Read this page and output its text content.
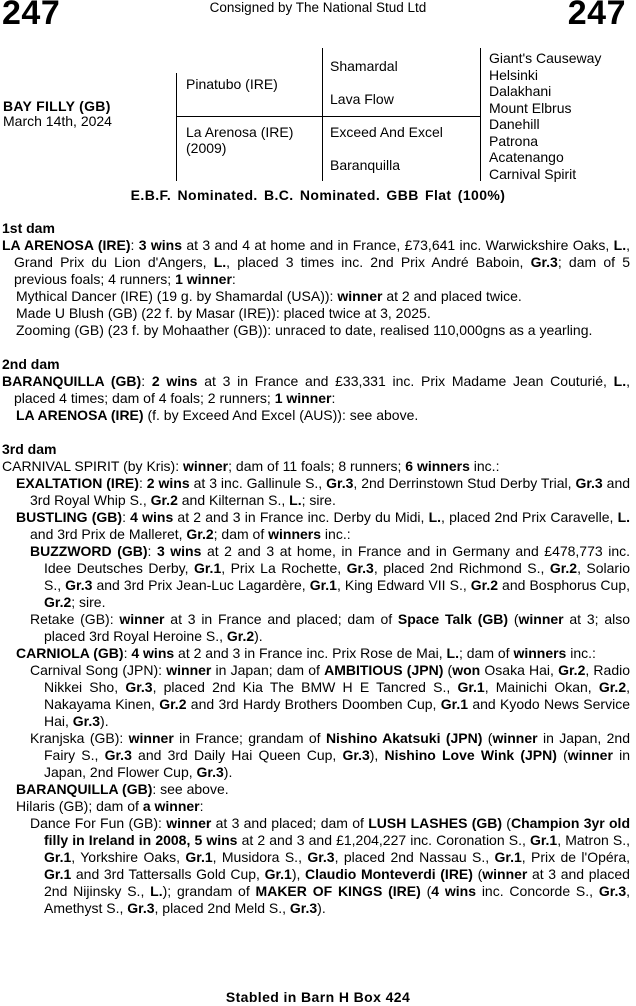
247	Consigned by The National Stud Ltd	247
BAY FILLY (GB)
March 14th, 2024
Pinatubo (IRE)
La Arenosa (IRE)
(2009)
Shamardal
Lava Flow
Exceed And Excel
Baranquilla
Giant's Causeway
Helsinki
Dalakhani
Mount Elbrus
Danehill
Patrona
Acatenango
Carnival Spirit
E.B.F. Nominated. B.C. Nominated. GBB Flat (100%)
1st dam

LA ARENOSA (IRE): 3 wins at 3 and 4 at home and in France, £73,641 inc. Warwickshire Oaks, L., Grand Prix du Lion d'Angers, L., placed 3 times inc. 2nd Prix André Baboin, Gr.3; dam of 5 previous foals; 4 runners; 1 winner:

Mythical Dancer (IRE) (19 g. by Shamardal (USA)): winner at 2 and placed twice.

Made U Blush (GB) (22 f. by Masar (IRE)): placed twice at 3, 2025.

Zooming (GB) (23 f. by Mohaather (GB)): unraced to date, realised 110,000gns as a yearling.

2nd dam

BARANQUILLA (GB): 2 wins at 3 in France and £33,331 inc. Prix Madame Jean Couturié, L., placed 4 times; dam of 4 foals; 2 runners; 1 winner:

LA ARENOSA (IRE) (f. by Exceed And Excel (AUS)): see above.

3rd dam

CARNIVAL SPIRIT (by Kris): winner; dam of 11 foals; 8 runners; 6 winners inc.:

EXALTATION (IRE): 2 wins at 3 inc. Gallinule S., Gr.3, 2nd Derrinstown Stud Derby Trial, Gr.3 and 3rd Royal Whip S., Gr.2 and Kilternan S., L.; sire.

BUSTLING (GB): 4 wins at 2 and 3 in France inc. Derby du Midi, L., placed 2nd Prix Caravelle, L. and 3rd Prix de Malleret, Gr.2; dam of winners inc.:

BUZZWORD (GB): 3 wins at 2 and 3 at home, in France and in Germany and £478,773 inc. Idee Deutsches Derby, Gr.1, Prix La Rochette, Gr.3, placed 2nd Richmond S., Gr.2, Solario S., Gr.3 and 3rd Prix Jean-Luc Lagardère, Gr.1, King Edward VII S., Gr.2 and Bosphorus Cup, Gr.2; sire.

Retake (GB): winner at 3 in France and placed; dam of Space Talk (GB) (winner at 3; also placed 3rd Royal Heroine S., Gr.2).

CARNIOLA (GB): 4 wins at 2 and 3 in France inc. Prix Rose de Mai, L.; dam of winners inc.:

Carnival Song (JPN): winner in Japan; dam of AMBITIOUS (JPN) (won Osaka Hai, Gr.2, Radio Nikkei Sho, Gr.3, placed 2nd Kia The BMW H E Tancred S., Gr.1, Mainichi Okan, Gr.2, Nakayama Kinen, Gr.2 and 3rd Hardy Brothers Doomben Cup, Gr.1 and Kyodo News Service Hai, Gr.3).

Kranjska (GB): winner in France; grandam of Nishino Akatsuki (JPN) (winner in Japan, 2nd Fairy S., Gr.3 and 3rd Daily Hai Queen Cup, Gr.3), Nishino Love Wink (JPN) (winner in Japan, 2nd Flower Cup, Gr.3).

BARANQUILLA (GB): see above.

Hilaris (GB); dam of a winner:

Dance For Fun (GB): winner at 3 and placed; dam of LUSH LASHES (GB) (Champion 3yr old filly in Ireland in 2008, 5 wins at 2 and 3 and £1,204,227 inc. Coronation S., Gr.1, Matron S., Gr.1, Yorkshire Oaks, Gr.1, Musidora S., Gr.3, placed 2nd Nassau S., Gr.1, Prix de l'Opéra, Gr.1 and 3rd Tattersalls Gold Cup, Gr.1), Claudio Monteverdi (IRE) (winner at 3 and placed 2nd Nijinsky S., L.); grandam of MAKER OF KINGS (IRE) (4 wins inc. Concorde S., Gr.3, Amethyst S., Gr.3, placed 2nd Meld S., Gr.3).

Stabled in Barn H Box 424
